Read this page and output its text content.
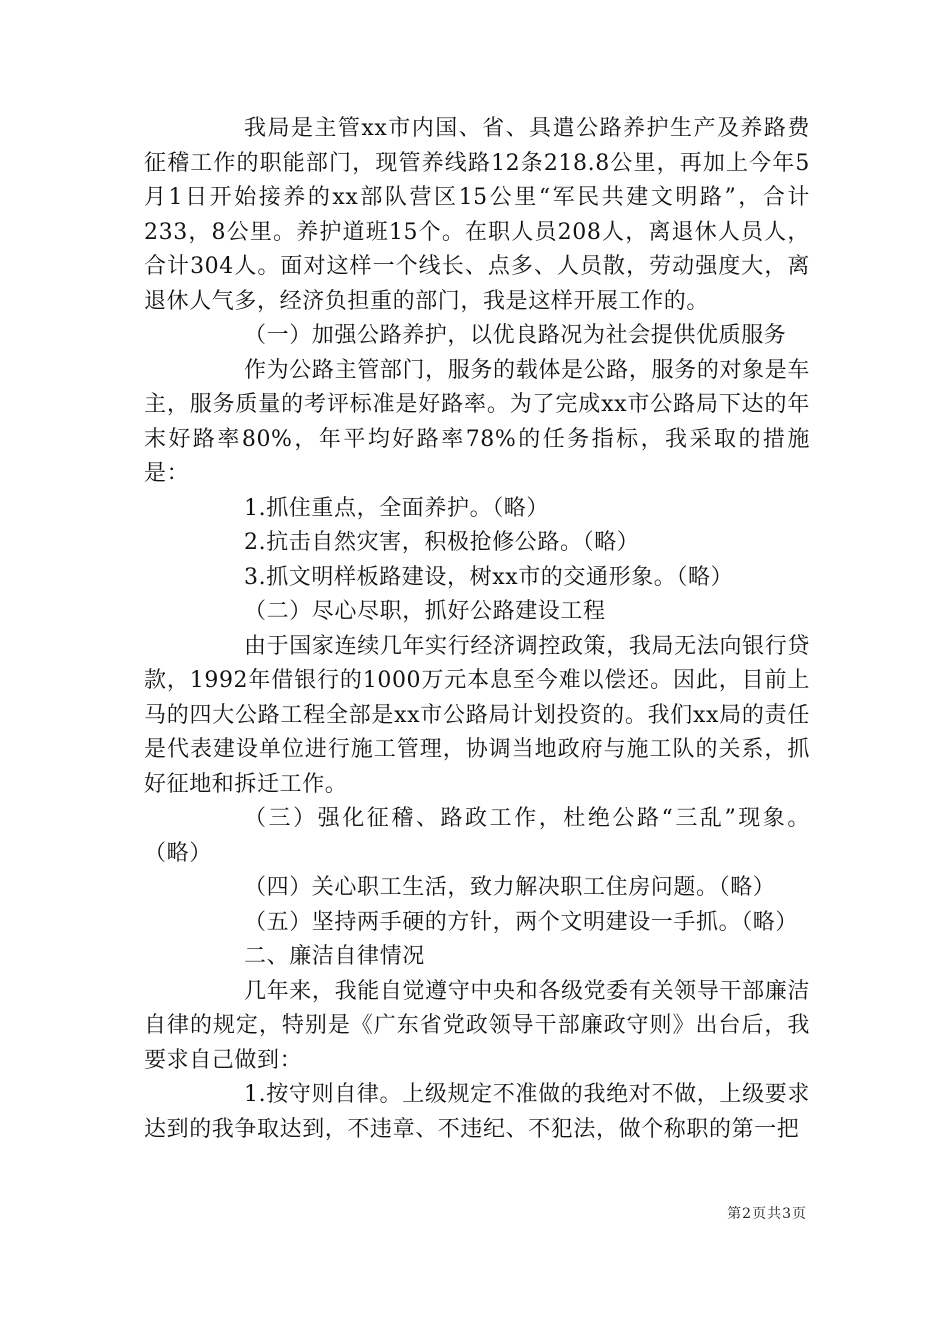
我局是主管xx市内国、省、具遣公路养护生产及养路费征稽工作的职能部门，现管养线路12条218.8公里，再加上今年5月1日开始接养的xx部队营区15公里“军民共建文明路”，合计233，8公里。养护道班15个。在职人员208人，离退休人员人，合计304人。面对这样一个线长、点多、人员散，劳动强度大，离退休人气多，经济负担重的部门，我是这样开展工作的。

（一）加强公路养护，以优良路况为社会提供优质服务

作为公路主管部门，服务的载体是公路，服务的对象是车主，服务质量的考评标准是好路率。为了完成xx市公路局下达的年末好路率80%，年平均好路率78%的任务指标，我采取的措施是：

1.抓住重点，全面养护。（略）

2.抗击自然灾害，积极抢修公路。（略）

3.抓文明样板路建设，树xx市的交通形象。（略）

（二）尽心尽职，抓好公路建设工程

由于国家连续几年实行经济调控政策，我局无法向银行贷款，1992年借银行的1000万元本息至今难以偿还。因此，目前上马的四大公路工程全部是xx市公路局计划投资的。我们xx局的责任是代表建设单位进行施工管理，协调当地政府与施工队的关系，抓好征地和拆迁工作。

（三）强化征稽、路政工作，杜绝公路“三乱”现象。（略）

（四）关心职工生活，致力解决职工住房问题。（略）

（五）坚持两手硬的方针，两个文明建设一手抓。（略）

二、廉洁自律情况

几年来，我能自觉遵守中央和各级党委有关领导干部廉洁自律的规定，特别是《广东省党政领导干部廉政守则》出台后，我要求自己做到：

1.按守则自律。上级规定不准做的我绝对不做，上级要求达到的我争取达到，不违章、不违纪、不犯法，做个称职的第一把

第2页共3页
